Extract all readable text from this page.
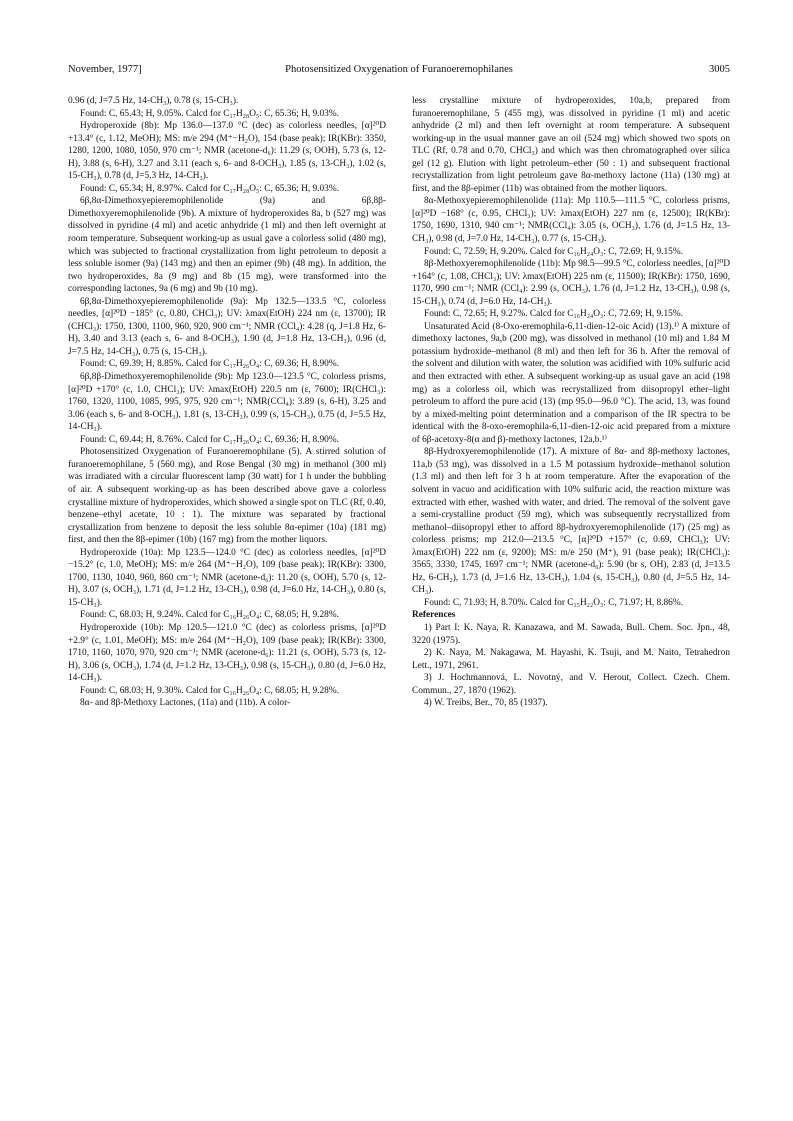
November, 1977]	Photosensitized Oxygenation of Furanoeremophilanes	3005

0.96 (d, J=7.5 Hz, 14-CH₃), 0.78 (s, 15-CH₃).

Found: C, 65.43; H, 9.05%. Calcd for C₁₇H₂₈O₅: C, 65.36; H, 9.03%.

Hydroperoxide (8b): Mp 136.0—137.0 °C (dec) as colorless needles, [α]²⁰D +13.4° (c, 1.12, MeOH); MS: m/e 294 (M⁺−H₂O), 154 (base peak); IR(KBr): 3350, 1280, 1200, 1080, 1050, 970 cm⁻¹; NMR (acetone-d₆): 11.29 (s, OOH), 5.73 (s, 12-H), 3.88 (s, 6-H), 3.27 and 3.11 (each s, 6- and 8-OCH₃), 1.85 (s, 13-CH₃), 1.02 (s, 15-CH₃), 0.78 (d, J=5.3 Hz, 14-CH₃).

Found: C, 65.34; H, 8.97%. Calcd for C₁₇H₂₈O₅: C, 65.36; H, 9.03%.

6β,8α-Dimethoxyepieremophilenolide (9a) and 6β,8β-Dimethoxyeremophilenolide (9b). A mixture of hydroperoxides 8a, b (527 mg) was dissolved in pyridine (4 ml) and acetic anhydride (1 ml) and then left overnight at room temperature. Subsequent working-up as usual gave a colorless solid (480 mg), which was subjected to fractional crystallization from light petroleum to deposit a less soluble isomer (9a) (143 mg) and then an epimer (9b) (48 mg). In addition, the two hydroperoxides, 8a (9 mg) and 8b (15 mg), were transformed into the corresponding lactones, 9a (6 mg) and 9b (10 mg).

6β,8α-Dimethoxyepieremophilenolide (9a): Mp 132.5—133.5 °C, colorless needles, [α]²⁰D −185° (c, 0.80, CHCl₃); UV: λmax(EtOH) 224 nm (ε, 13700); IR (CHCl₃): 1750, 1300, 1100, 960, 920, 900 cm⁻¹; NMR (CCl₄): 4.28 (q, J=1.8 Hz, 6-H), 3.40 and 3.13 (each s, 6- and 8-OCH₃), 1.90 (d, J=1.8 Hz, 13-CH₃), 0.96 (d, J=7.5 Hz, 14-CH₃), 0.75 (s, 15-CH₃).

Found: C, 69.39; H, 8.85%. Calcd for C₁₇H₂₆O₄: C, 69.36; H, 8.90%.

6β,8β-Dimethoxyeremophilenolide (9b): Mp 123.0—123.5 °C, colorless prisms, [α]²⁰D +170° (c, 1.0, CHCl₃); UV: λmax(EtOH) 220.5 nm (ε, 7600); IR(CHCl₃): 1760, 1320, 1100, 1085, 995, 975, 920 cm⁻¹; NMR(CCl₄): 3.89 (s, 6-H), 3.25 and 3.06 (each s, 6- and 8-OCH₃), 1.81 (s, 13-CH₃), 0.99 (s, 15-CH₃), 0.75 (d, J=5.5 Hz, 14-CH₃).

Found: C, 69.44; H, 8.76%. Calcd for C₁₇H₂₆O₄: C, 69.36; H, 8.90%.

Photosensitized Oxygenation of Furanoeremophilane (5). A stirred solution of furanoeremophilane, 5 (560 mg), and Rose Bengal (30 mg) in methanol (300 ml) was irradiated with a circular fluorescent lamp (30 watt) for 1 h under the bubbling of air. A subsequent working-up as has been described above gave a colorless crystalline mixture of hydroperoxides, which showed a single spot on TLC (Rf, 0.40, benzene–ethyl acetate, 10 : 1). The mixture was separated by fractional crystallization from benzene to deposit the less soluble 8α-epimer (10a) (181 mg) first, and then the 8β-epimer (10b) (167 mg) from the mother liquors.

Hydroperoxide (10a): Mp 123.5—124.0 °C (dec) as colorless needles, [α]²⁰D −15.2° (c, 1.0, MeOH); MS: m/e 264 (M⁺−H₂O), 109 (base peak); IR(KBr): 3300, 1700, 1130, 1040, 960, 860 cm⁻¹; NMR (acetone-d₆): 11.20 (s, OOH), 5.70 (s, 12-H), 3.07 (s, OCH₃), 1.71 (d, J=1.2 Hz, 13-CH₃), 0.98 (d, J=6.0 Hz, 14-CH₃), 0.80 (s, 15-CH₃).

Found: C, 68.03; H, 9.24%. Calcd for C₁₆H₂₆O₄: C, 68.05; H, 9.28%.

Hydroperoxide (10b): Mp 120.5—121.0 °C (dec) as colorless prisms, [α]²⁰D +2.9° (c, 1.01, MeOH); MS: m/e 264 (M⁺−H₂O), 109 (base peak); IR(KBr): 3300, 1710, 1160, 1070, 970, 920 cm⁻¹; NMR (acetone-d₆): 11.21 (s, OOH), 5.73 (s, 12-H), 3.06 (s, OCH₃), 1.74 (d, J=1.2 Hz, 13-CH₃), 0.98 (s, 15-CH₃), 0.80 (d, J=6.0 Hz, 14-CH₃).

Found: C, 68.03; H, 9.30%. Calcd for C₁₆H₂₆O₄: C, 68.05; H, 9.28%.

8α- and 8β-Methoxy Lactones, (11a) and (11b). A color-

less crystalline mixture of hydroperoxides, 10a,b, prepared from furanoeremophilane, 5 (455 mg), was dissolved in pyridine (1 ml) and acetic anhydride (2 ml) and then left overnight at room temperature. A subsequent working-up in the usual manner gave an oil (524 mg) which showed two spots on TLC (Rf, 0.78 and 0.70, CHCl₃) and which was then chromatographed over silica gel (12 g). Elution with light petroleum–ether (50 : 1) and subsequent fractional recrystallization from light petroleum gave 8α-methoxy lactone (11a) (130 mg) at first, and the 8β-epimer (11b) was obtained from the mother liquors.

8α-Methoxyepieremophilenolide (11a): Mp 110.5—111.5 °C, colorless prisms, [α]²⁰D −168° (c, 0.95, CHCl₃); UV: λmax(EtOH) 227 nm (ε, 12500); IR(KBr): 1750, 1690, 1310, 940 cm⁻¹; NMR(CCl₄): 3.05 (s, OCH₃), 1.76 (d, J=1.5 Hz, 13-CH₃), 0.98 (d, J=7.0 Hz, 14-CH₃), 0.77 (s, 15-CH₃).

Found: C, 72.59; H, 9.20%. Calcd for C₁₆H₂₄O₃: C, 72.69; H, 9.15%.

8β-Methoxyeremophilenolide (11b): Mp 98.5—99.5 °C, colorless needles, [α]²⁰D +164° (c, 1.08, CHCl₃); UV: λmax(EtOH) 225 nm (ε, 11500); IR(KBr): 1750, 1690, 1170, 990 cm⁻¹; NMR (CCl₄): 2.99 (s, OCH₃), 1.76 (d, J=1.2 Hz, 13-CH₃), 0.98 (s, 15-CH₃), 0.74 (d, J=6.0 Hz, 14-CH₃).

Found: C, 72.65; H, 9.27%. Calcd for C₁₆H₂₄O₃: C, 72.69; H, 9.15%.

Unsaturated Acid (8-Oxo-eremophila-6,11-dien-12-oic Acid) (13).¹⁾ A mixture of dimethoxy lactones, 9a,b (200 mg), was dissolved in methanol (10 ml) and 1.84 M potassium hydroxide–methanol (8 ml) and then left for 36 h. After the removal of the solvent and dilution with water, the solution was acidified with 10% sulfuric acid and then extracted with ether. A subsequent working-up as usual gave an acid (198 mg) as a colorless oil, which was recrystallized from diisopropyl ether–light petroleum to afford the pure acid (13) (mp 95.0—96.0 °C). The acid, 13, was found by a mixed-melting point determination and a comparison of the IR spectra to be identical with the 8-oxo-eremophila-6,11-dien-12-oic acid prepared from a mixture of 6β-acetoxy-8(α and β)-methoxy lactones, 12a,b.¹⁾

8β-Hydroxyeremophilenolide (17). A mixture of 8α- and 8β-methoxy lactones, 11a,b (53 mg), was dissolved in a 1.5 M potassium hydroxide–methanol solution (1.3 ml) and then left for 3 h at room temperature. After the evaporation of the solvent in vacuo and acidification with 10% sulfuric acid, the reaction mixture was extracted with ether, washed with water, and dried. The removal of the solvent gave a semi-crystalline product (59 mg), which was subsequently recrystallized from methanol–diisopropyl ether to afford 8β-hydroxyeremophilenolide (17) (25 mg) as colorless prisms; mp 212.0—213.5 °C, [α]²⁰D +157° (c, 0.69, CHCl₃); UV: λmax(EtOH) 222 nm (ε, 9200); MS: m/e 250 (M⁺), 91 (base peak); IR(CHCl₃): 3565, 3330, 1745, 1697 cm⁻¹; NMR (acetone-d₆): 5.90 (br s, OH), 2.83 (d, J=13.5 Hz, 6-CH₂), 1.73 (d, J=1.6 Hz, 13-CH₃), 1.04 (s, 15-CH₃), 0.80 (d, J=5.5 Hz, 14-CH₃).

Found: C, 71.93; H, 8.70%. Calcd for C₁₅H₂₂O₃: C, 71.97; H, 8.86%.

References

1) Part I: K. Naya, R. Kanazawa, and M. Sawada, Bull. Chem. Soc. Jpn., 48, 3220 (1975).

2) K. Naya, M. Nakagawa, M. Hayashi, K. Tsuji, and M. Naito, Tetrahedron Lett., 1971, 2961.

3) J. Hochmannová, L. Novotný, and V. Herout, Collect. Czech. Chem. Commun., 27, 1870 (1962).

4) W. Treibs, Ber., 70, 85 (1937).
